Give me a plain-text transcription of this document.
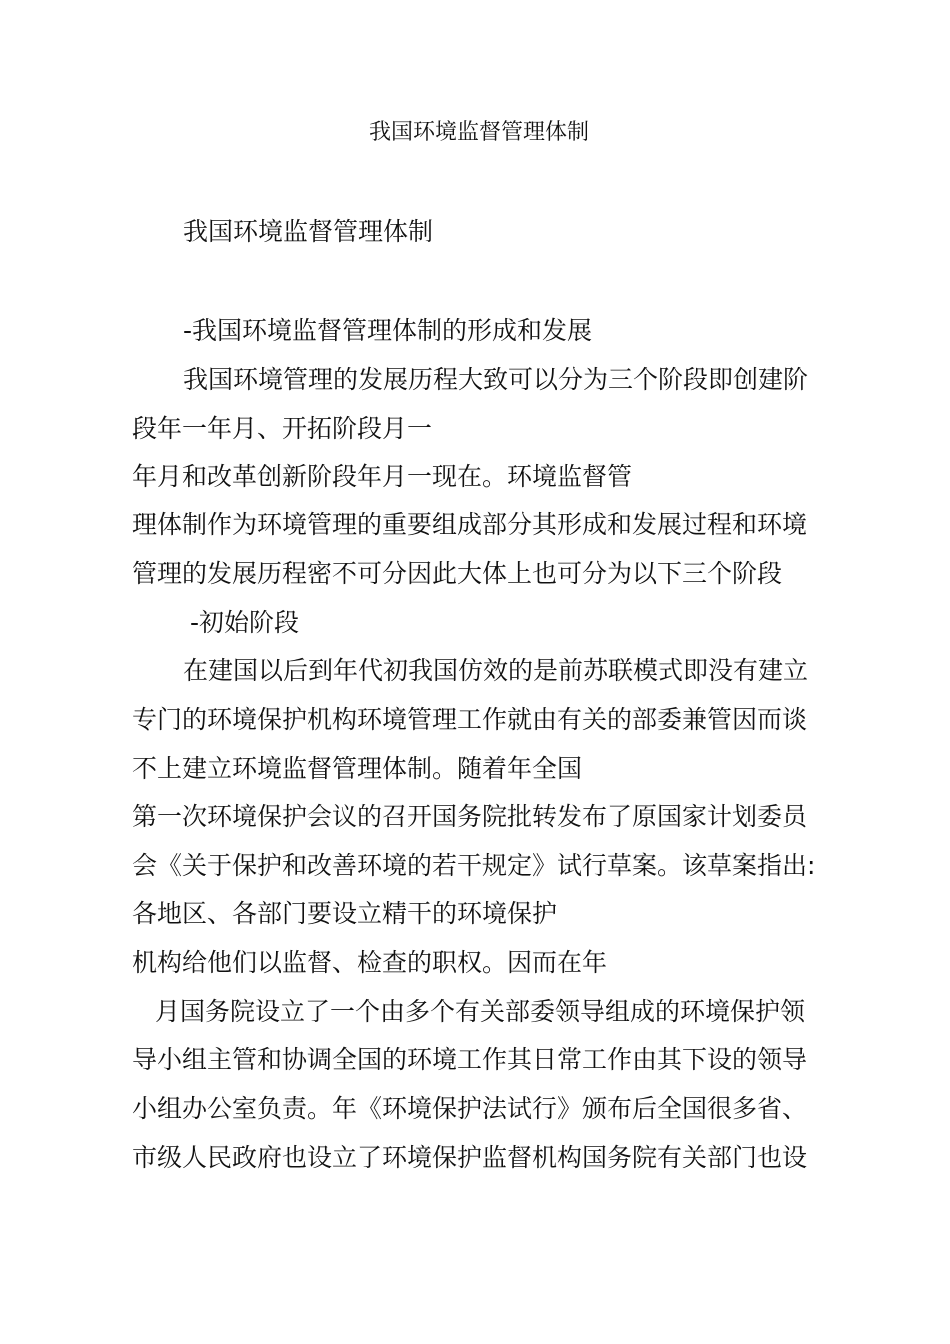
我国环境监督管理体制
我国环境监督管理体制
-我国环境监督管理体制的形成和发展
我国环境管理的发展历程大致可以分为三个阶段即创建阶
段年一年月、开拓阶段月一
年月和改革创新阶段年月一现在。环境监督管
理体制作为环境管理的重要组成部分其形成和发展过程和环境
管理的发展历程密不可分因此大体上也可分为以下三个阶段
-初始阶段
在建国以后到年代初我国仿效的是前苏联模式即没有建立
专门的环境保护机构环境管理工作就由有关的部委兼管因而谈
不上建立环境监督管理体制。随着年全国
第一次环境保护会议的召开国务院批转发布了原国家计划委员
会《关于保护和改善环境的若干规定》试行草案。该草案指出:
各地区、各部门要设立精干的环境保护
机构给他们以监督、检查的职权。因而在年
月国务院设立了一个由多个有关部委领导组成的环境保护领
导小组主管和协调全国的环境工作其日常工作由其下设的领导
小组办公室负责。年《环境保护法试行》颁布后全国很多省、
市级人民政府也设立了环境保护监督机构国务院有关部门也设
